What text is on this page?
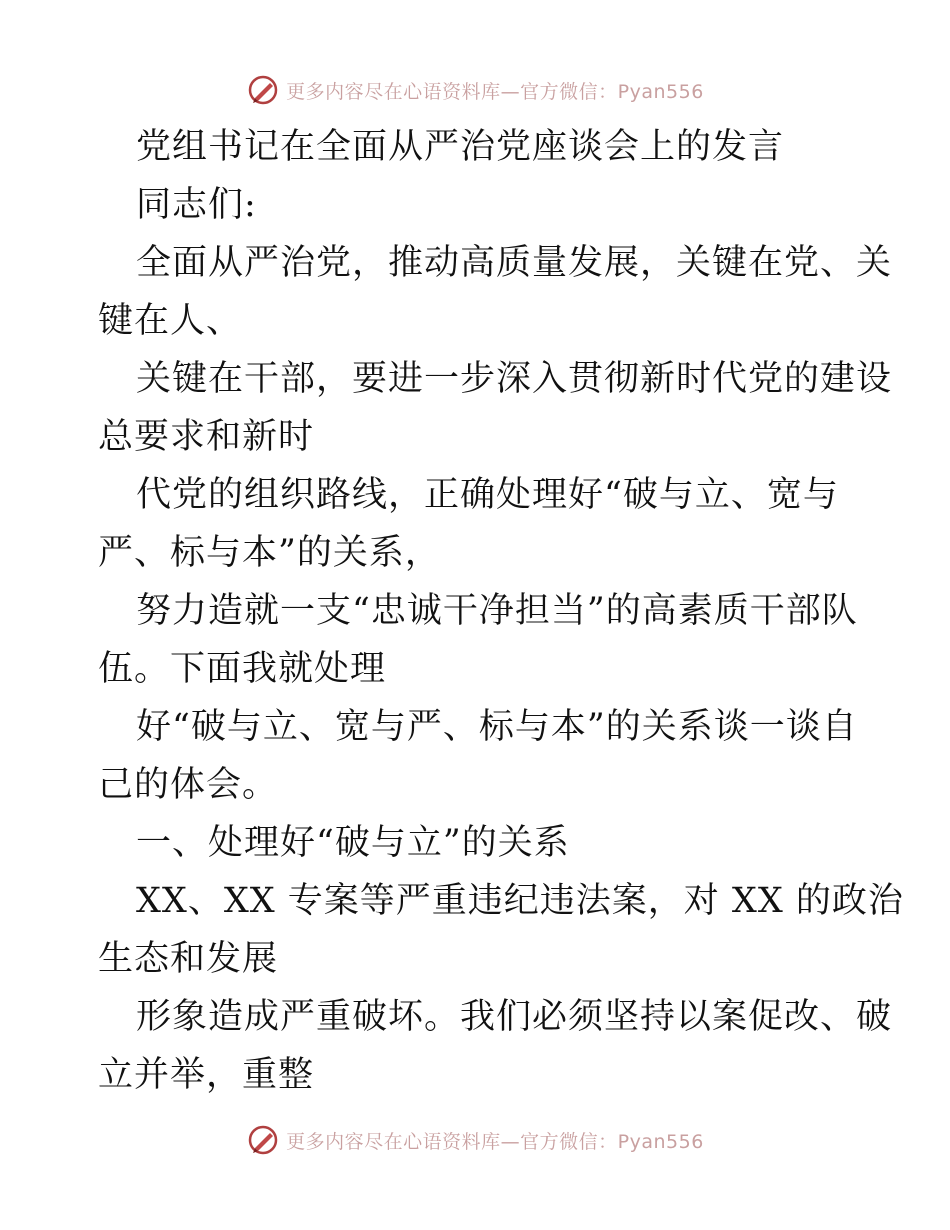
更多内容尽在心语资料库—官方微信：Pyan556
党组书记在全面从严治党座谈会上的发言
同志们:
全面从严治党，推动高质量发展，关键在党、关
键在人、
关键在干部，要进一步深入贯彻新时代党的建设
总要求和新时
代党的组织路线，正确处理好“破与立、宽与
严、标与本”的关系，
努力造就一支“忠诚干净担当”的高素质干部队
伍。下面我就处理
好“破与立、宽与严、标与本”的关系谈一谈自
己的体会。
一、处理好“破与立”的关系
XX、XX 专案等严重违纪违法案，对 XX 的政治
生态和发展
形象造成严重破坏。我们必须坚持以案促改、破
立并举，重整
更多内容尽在心语资料库—官方微信：Pyan556
